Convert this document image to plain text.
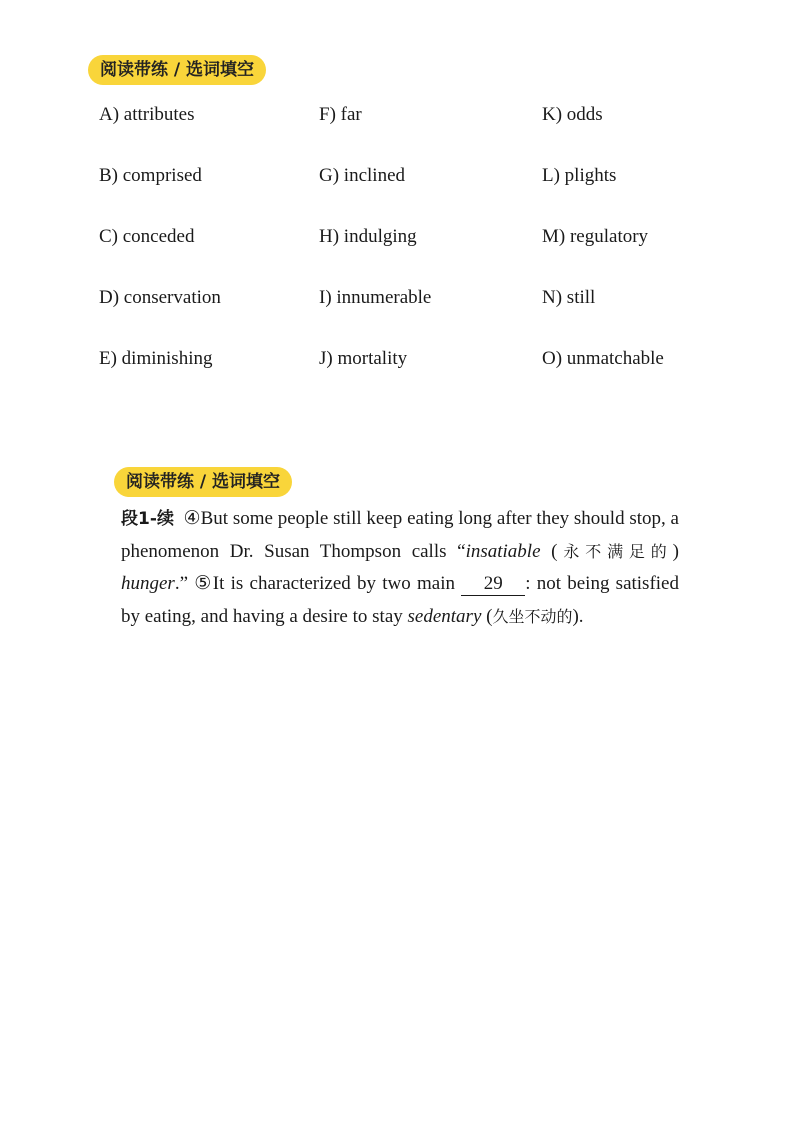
阅读带练 / 选词填空
A) attributes	F) far	K) odds
B) comprised	G) inclined	L) plights
C) conceded	H) indulging	M) regulatory
D) conservation	I) innumerable	N) still
E) diminishing	J) mortality	O) unmatchable
阅读带练 / 选词填空
段1-续 ④But some people still keep eating long after they should stop, a phenomenon Dr. Susan Thompson calls “insatiable (永不满足的) hunger.” ⑤It is characterized by two main 29 : not being satisfied by eating, and having a desire to stay sedentary (久坐不动的).
